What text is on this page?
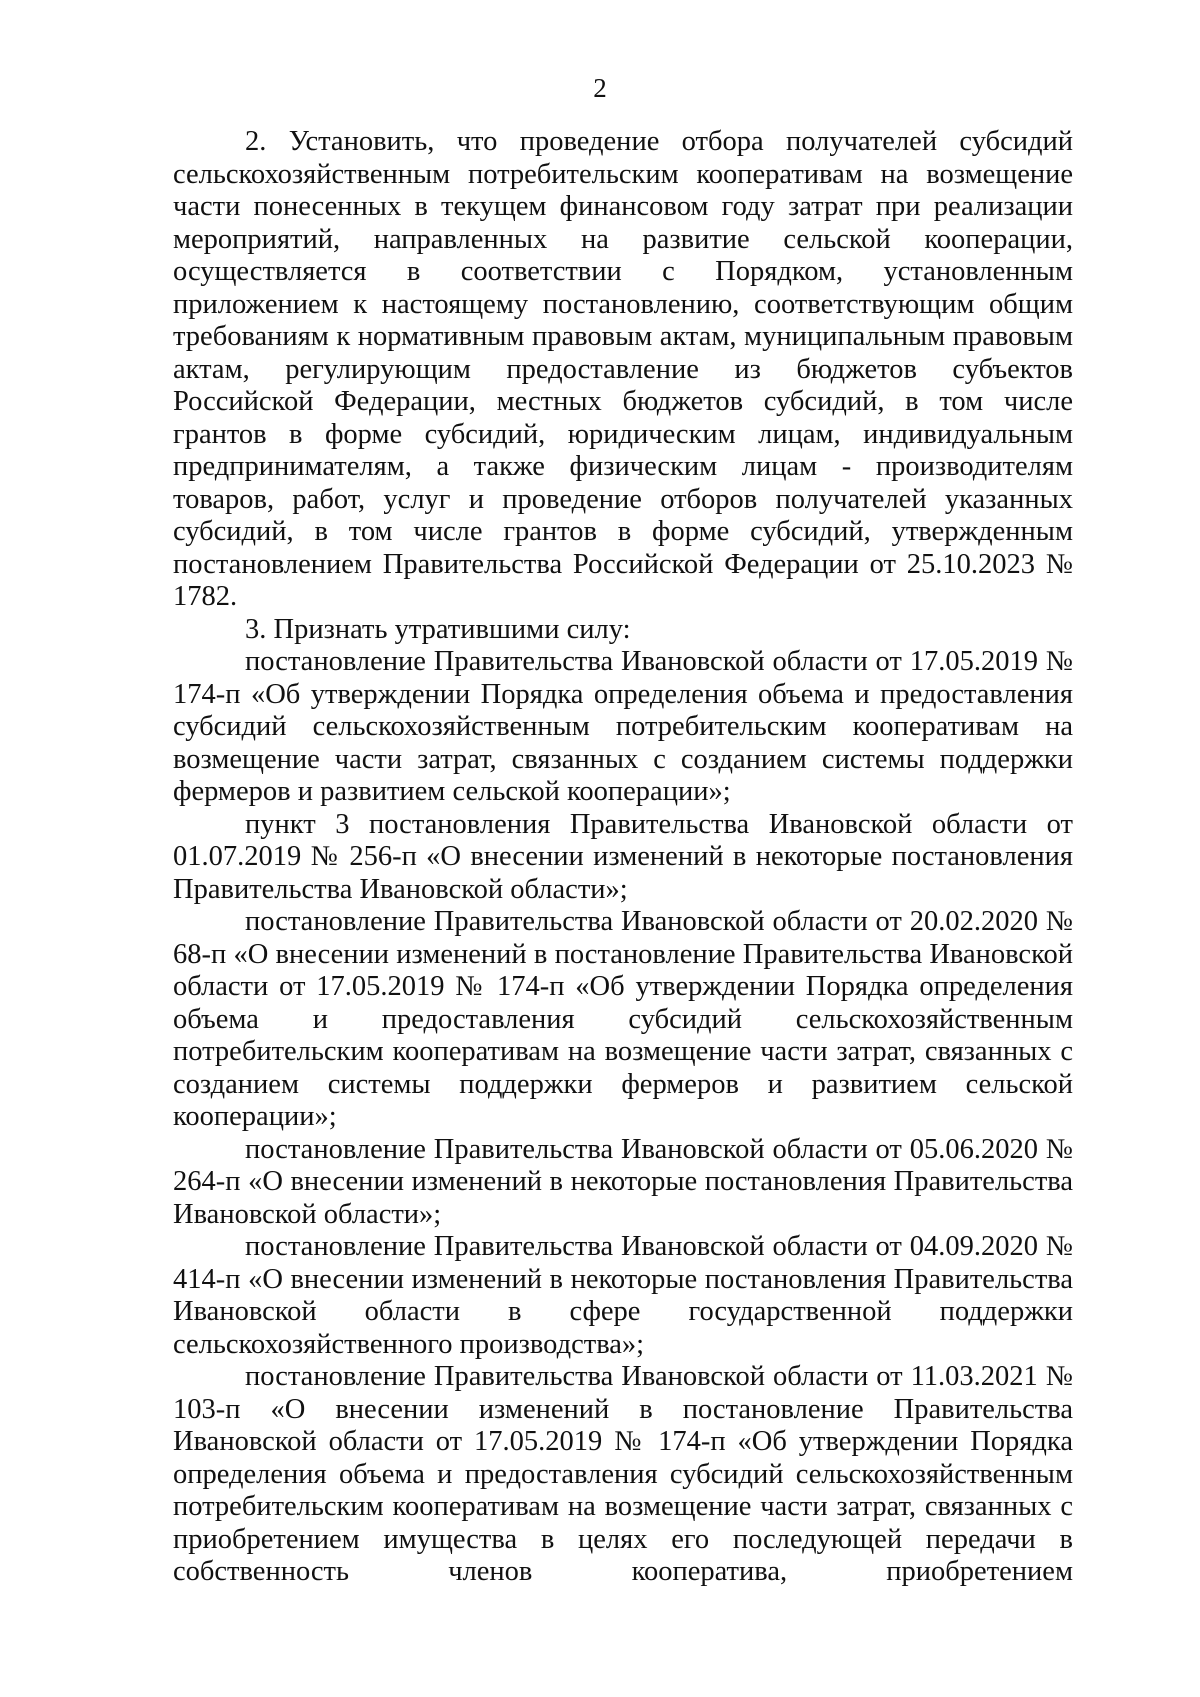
2

2. Установить, что проведение отбора получателей субсидий сельскохозяйственным потребительским кооперативам на возмещение части понесенных в текущем финансовом году затрат при реализации мероприятий, направленных на развитие сельской кооперации, осуществляется в соответствии с Порядком, установленным приложением к настоящему постановлению, соответствующим общим требованиям к нормативным правовым актам, муниципальным правовым актам, регулирующим предоставление из бюджетов субъектов Российской Федерации, местных бюджетов субсидий, в том числе грантов в форме субсидий, юридическим лицам, индивидуальным предпринимателям, а также физическим лицам - производителям товаров, работ, услуг и проведение отборов получателей указанных субсидий, в том числе грантов в форме субсидий, утвержденным постановлением Правительства Российской Федерации от 25.10.2023 № 1782.

3. Признать утратившими силу:

постановление Правительства Ивановской области от 17.05.2019 № 174-п «Об утверждении Порядка определения объема и предоставления субсидий сельскохозяйственным потребительским кооперативам на возмещение части затрат, связанных с созданием системы поддержки фермеров и развитием сельской кооперации»;

пункт 3 постановления Правительства Ивановской области от 01.07.2019 № 256-п «О внесении изменений в некоторые постановления Правительства Ивановской области»;

постановление Правительства Ивановской области от 20.02.2020 № 68-п «О внесении изменений в постановление Правительства Ивановской области от 17.05.2019 № 174-п «Об утверждении Порядка определения объема и предоставления субсидий сельскохозяйственным потребительским кооперативам на возмещение части затрат, связанных с созданием системы поддержки фермеров и развитием сельской кооперации»;

постановление Правительства Ивановской области от 05.06.2020 № 264-п «О внесении изменений в некоторые постановления Правительства Ивановской области»;

постановление Правительства Ивановской области от 04.09.2020 № 414-п «О внесении изменений в некоторые постановления Правительства Ивановской области в сфере государственной поддержки сельскохозяйственного производства»;

постановление Правительства Ивановской области от 11.03.2021 № 103-п «О внесении изменений в постановление Правительства Ивановской области от 17.05.2019 № 174-п «Об утверждении Порядка определения объема и предоставления субсидий сельскохозяйственным потребительским кооперативам на возмещение части затрат, связанных с приобретением имущества в целях его последующей передачи в собственность членов кооператива, приобретением
